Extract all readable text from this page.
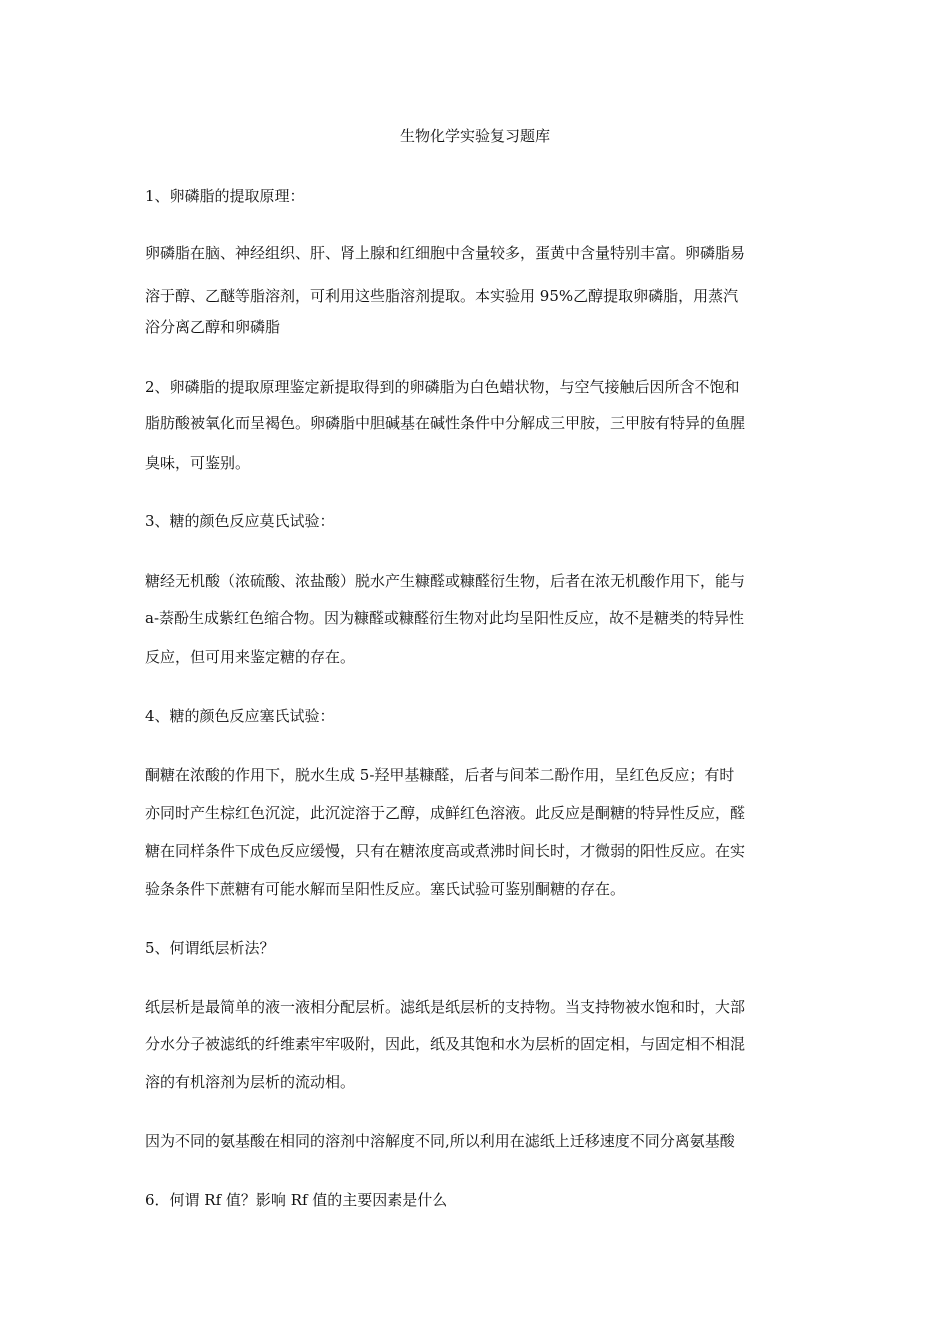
生物化学实验复习题库
1、卵磷脂的提取原理：
卵磷脂在脑、神经组织、肝、肾上腺和红细胞中含量较多，蛋黄中含量特别丰富。卵磷脂易
溶于醇、乙醚等脂溶剂，可利用这些脂溶剂提取。本实验用 95%乙醇提取卵磷脂，用蒸汽
浴分离乙醇和卵磷脂
2、卵磷脂的提取原理鉴定新提取得到的卵磷脂为白色蜡状物，与空气接触后因所含不饱和
脂肪酸被氧化而呈褐色。卵磷脂中胆碱基在碱性条件中分解成三甲胺，三甲胺有特异的鱼腥
臭味，可鉴别。
3、糖的颜色反应莫氏试验：
糖经无机酸（浓硫酸、浓盐酸）脱水产生糠醛或糠醛衍生物，后者在浓无机酸作用下，能与
a-萘酚生成紫红色缩合物。因为糠醛或糠醛衍生物对此均呈阳性反应，故不是糖类的特异性
反应，但可用来鉴定糖的存在。
4、糖的颜色反应塞氏试验：
酮糖在浓酸的作用下，脱水生成 5-羟甲基糠醛，后者与间苯二酚作用，呈红色反应；有时
亦同时产生棕红色沉淀，此沉淀溶于乙醇，成鲜红色溶液。此反应是酮糖的特异性反应，醛
糖在同样条件下成色反应缓慢，只有在糖浓度高或煮沸时间长时，才微弱的阳性反应。在实
验条条件下蔗糖有可能水解而呈阳性反应。塞氏试验可鉴别酮糖的存在。
5、何谓纸层析法？
纸层析是最简单的液一液相分配层析。滤纸是纸层析的支持物。当支持物被水饱和时，大部
分水分子被滤纸的纤维素牢牢吸附，因此，纸及其饱和水为层析的固定相，与固定相不相混
溶的有机溶剂为层析的流动相。
因为不同的氨基酸在相同的溶剂中溶解度不同,所以利用在滤纸上迁移速度不同分离氨基酸
6．何谓 Rf 值？影响 Rf 值的主要因素是什么
